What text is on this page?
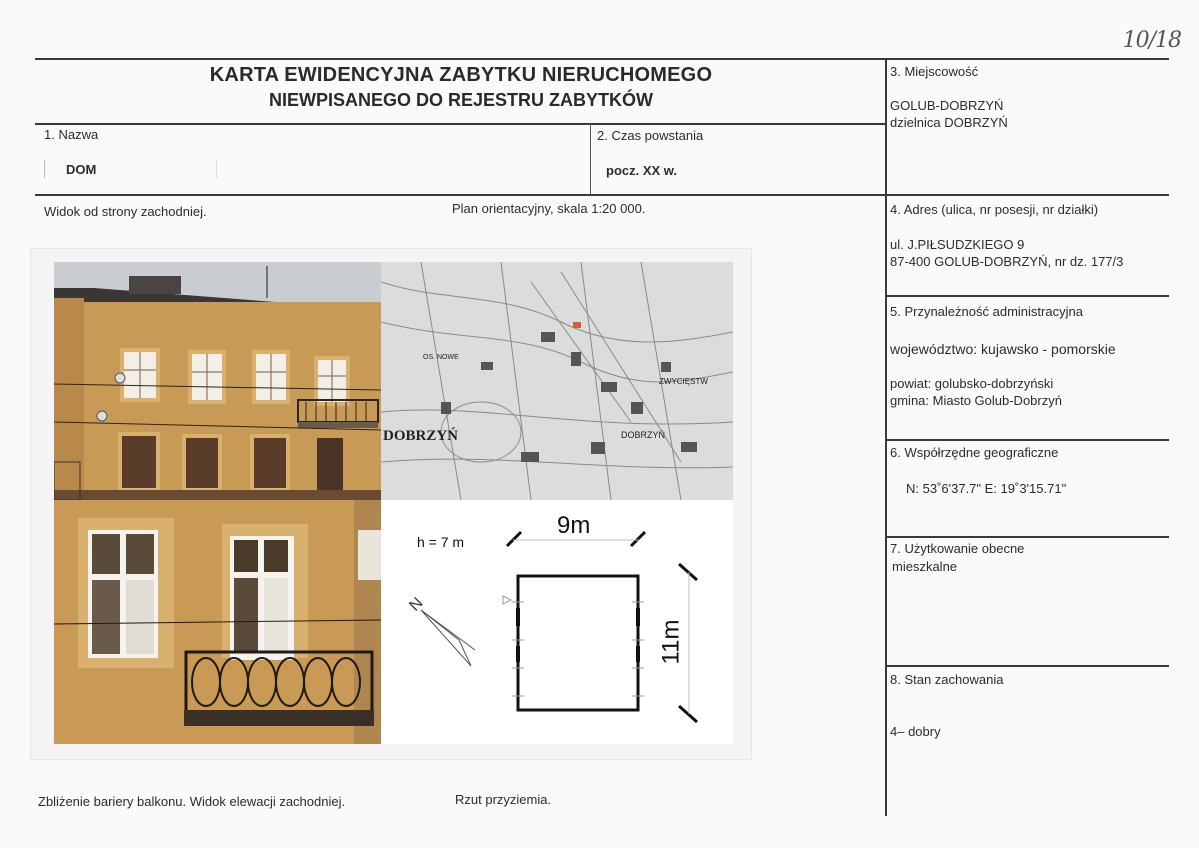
10/18
KARTA EWIDENCYJNA ZABYTKU NIERUCHOMEGO
NIEWPISANEGO DO REJESTRU ZABYTKÓW
1. Nazwa
DOM
2. Czas powstania
pocz. XX w.
3. Miejscowość
GOLUB-DOBRZYŃ
dzielnica DOBRZYŃ
Widok od strony zachodniej.	Plan orientacyjny, skala 1:20 000.	4. Adres (ulica, nr posesji, nr działki)
ul. J.PIŁSUDZKIEGO 9
87-400 GOLUB-DOBRZYŃ, nr dz. 177/3
5. Przynależność administracyjna
województwo: kujawsko - pomorskie
powiat: golubsko-dobrzyński
gmina: Miasto Golub-Dobrzyń
6. Współrzędne geograficzne
N: 53˚6'37.7" E: 19˚3'15.71"
7. Użytkowanie obecne
mieszkalne
8. Stan zachowania
4– dobry
DOBRZYŃ	DOBRZYŃ
ZWYCIĘSTW
OS. NOWE
h = 7 m
9m
11m
N
Zbliżenie bariery balkonu. Widok elewacji zachodniej.	Rzut przyziemia.
